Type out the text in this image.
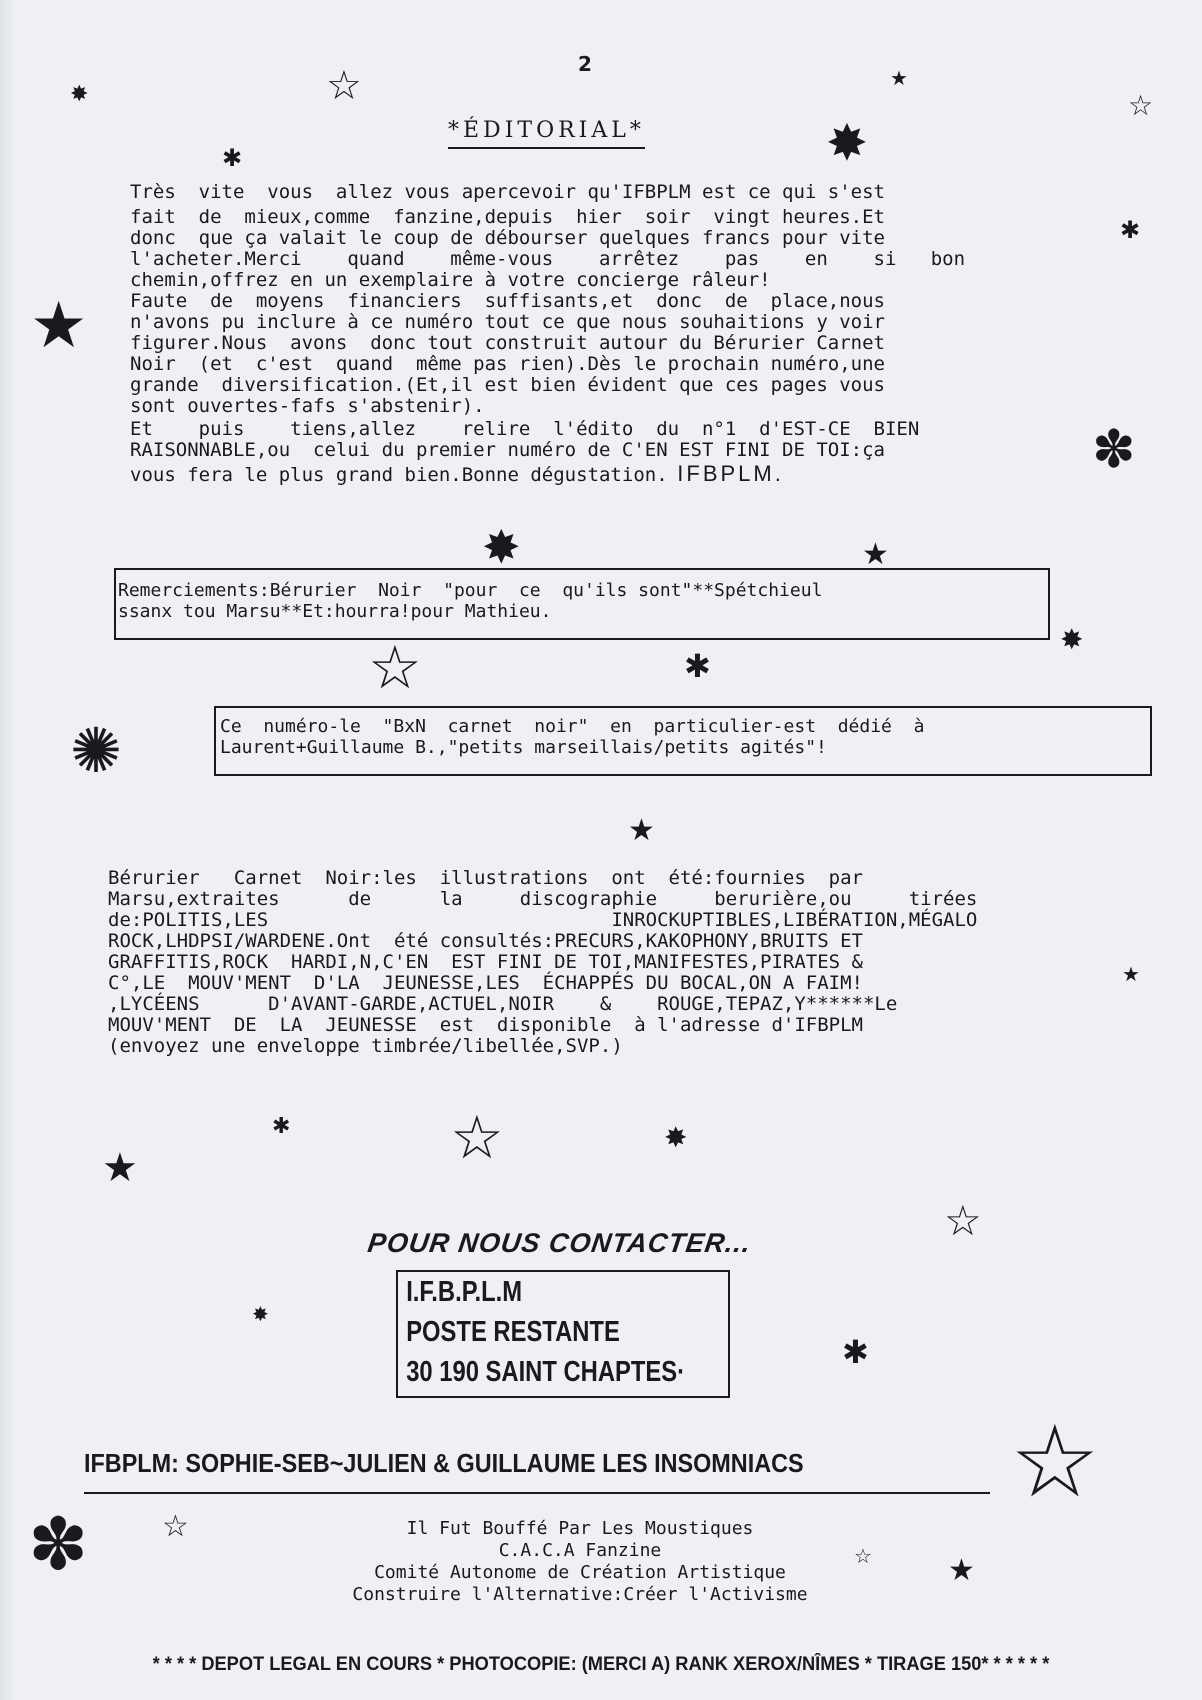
2
*ÉDITORIAL*
Très  vite  vous  allez vous apercevoir qu'IFBPLM est ce qui s'est
fait  de  mieux,comme  fanzine,depuis  hier  soir  vingt heures.Et
donc  que ça valait le coup de débourser quelques francs pour vite
l'acheter.Merci    quand    même-vous    arrêtez    pas    en    si   bon
chemin,offrez en un exemplaire à votre concierge râleur!
Faute  de  moyens  financiers  suffisants,et  donc  de  place,nous
n'avons pu inclure à ce numéro tout ce que nous souhaitions y voir
figurer.Nous  avons  donc tout construit autour du Bérurier Carnet
Noir  (et  c'est  quand  même pas rien).Dès le prochain numéro,une
grande  diversification.(Et,il est bien évident que ces pages vous
sont ouvertes-fafs s'abstenir).
Et    puis    tiens,allez    relire  l'édito  du  n°1  d'EST-CE  BIEN
RAISONNABLE,ou  celui du premier numéro de C'EN EST FINI DE TOI:ça
vous fera le plus grand bien.Bonne dégustation. IFBPLM.
Remerciements:Bérurier  Noir  "pour  ce  qu'ils sont"**Spétchieul
ssanx tou Marsu**Et:hourra!pour Mathieu.
Ce  numéro-le  "BxN  carnet  noir"  en  particulier-est  dédié  à
Laurent+Guillaume B.,"petits marseillais/petits agités"!
Bérurier   Carnet  Noir:les  illustrations  ont  été:fournies  par
Marsu,extraites      de      la     discographie     berurière,ou     tirées
de:POLITIS,LES                              INROCKUPTIBLES,LIBÉRATION,MÉGALO
ROCK,LHDPSI/WARDENE.Ont  été consultés:PRECURS,KAKOPHONY,BRUITS ET
GRAFFITIS,ROCK  HARDI,N,C'EN  EST FINI DE TOI,MANIFESTES,PIRATES &
C°,LE  MOUV'MENT  D'LA  JEUNESSE,LES  ÉCHAPPÉS DU BOCAL,ON A FAIM!
,LYCÉENS      D'AVANT-GARDE,ACTUEL,NOIR    &    ROUGE,TEPAZ,Y******Le
MOUV'MENT  DE  LA  JEUNESSE  est  disponible  à l'adresse d'IFBPLM
(envoyez une enveloppe timbrée/libellée,SVP.)
POUR NOUS CONTACTER...
I.F.B.P.L.M
POSTE RESTANTE
30 190 SAINT CHAPTES·
IFBPLM: SOPHIE-SEB~JULIEN & GUILLAUME LES INSOMNIACS
Il Fut Bouffé Par Les Moustiques
C.A.C.A Fanzine
Comité Autonome de Création Artistique
Construire l'Alternative:Créer l'Activisme
* * * * DEPOT LEGAL EN COURS * PHOTOCOPIE: (MERCI A) RANK XEROX/NÎMES * TIRAGE 150* * * * * *
✸	☆	★
☆
✸
✱
✱
★
✽
✸	★
✸
☆	✱
✺
★
★
✱	☆	✸
★
☆
✸
✱
☆
✽ ☆
☆	★
